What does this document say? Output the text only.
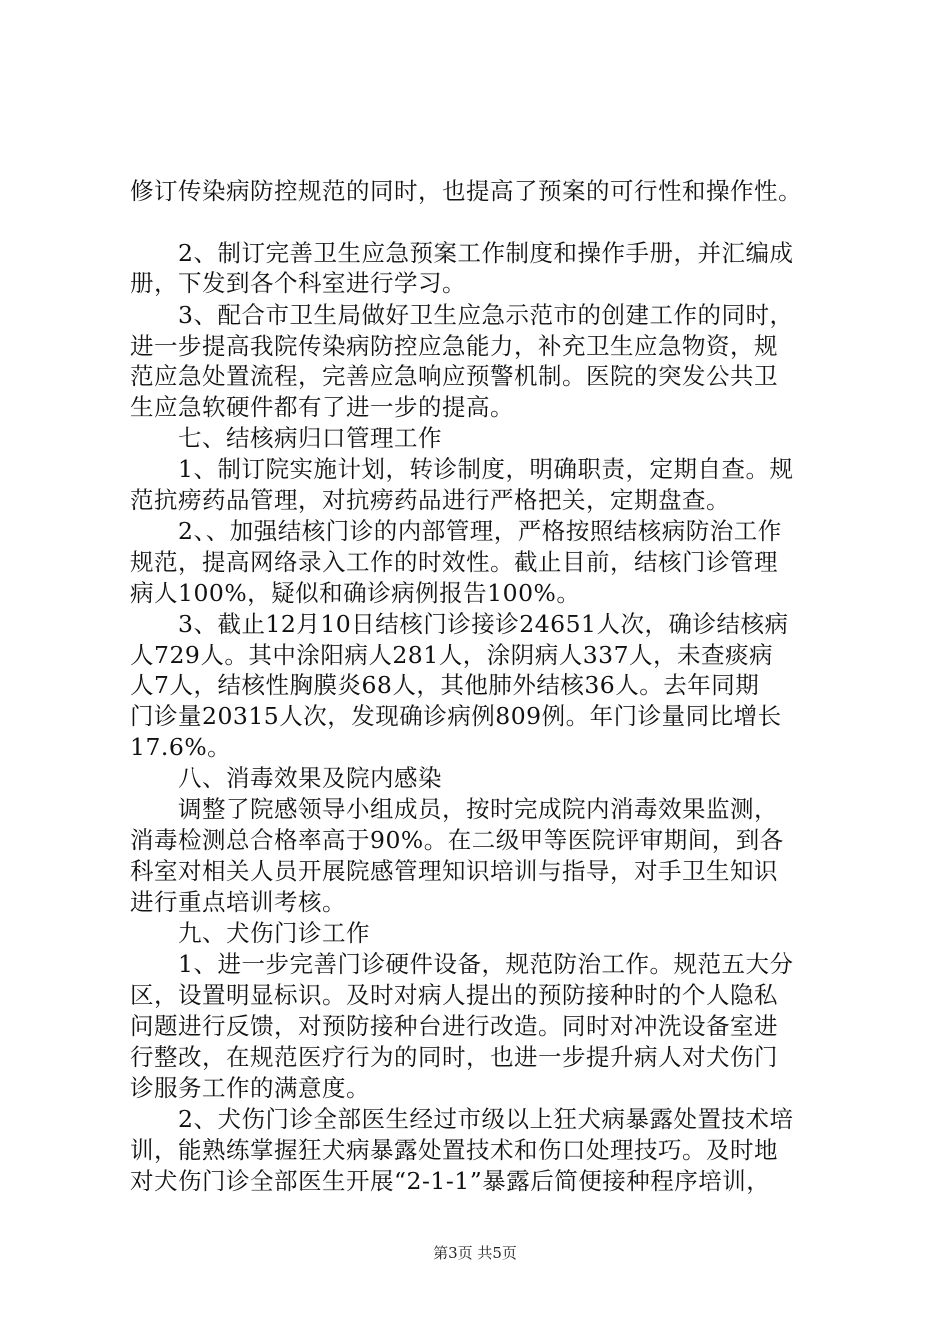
修订传染病防控规范的同时，也提高了预案的可行性和操作性。
2、制订完善卫生应急预案工作制度和操作手册，并汇编成
册，下发到各个科室进行学习。
3、配合市卫生局做好卫生应急示范市的创建工作的同时，
进一步提高我院传染病防控应急能力，补充卫生应急物资，规
范应急处置流程，完善应急响应预警机制。医院的突发公共卫
生应急软硬件都有了进一步的提高。
七、结核病归口管理工作
1、制订院实施计划，转诊制度，明确职责，定期自查。规
范抗痨药品管理，对抗痨药品进行严格把关，定期盘查。
2、、加强结核门诊的内部管理，严格按照结核病防治工作
规范，提高网络录入工作的时效性。截止目前，结核门诊管理
病人100%，疑似和确诊病例报告100%。
3、截止12月10日结核门诊接诊24651人次，确诊结核病
人729人。其中涂阳病人281人，涂阴病人337人，未查痰病
人7人，结核性胸膜炎68人，其他肺外结核36人。去年同期
门诊量20315人次，发现确诊病例809例。年门诊量同比增长
17.6%。
八、消毒效果及院内感染
调整了院感领导小组成员，按时完成院内消毒效果监测，
消毒检测总合格率高于90%。在二级甲等医院评审期间，到各
科室对相关人员开展院感管理知识培训与指导，对手卫生知识
进行重点培训考核。
九、犬伤门诊工作
1、进一步完善门诊硬件设备，规范防治工作。规范五大分
区，设置明显标识。及时对病人提出的预防接种时的个人隐私
问题进行反馈，对预防接种台进行改造。同时对冲洗设备室进
行整改，在规范医疗行为的同时，也进一步提升病人对犬伤门
诊服务工作的满意度。
2、犬伤门诊全部医生经过市级以上狂犬病暴露处置技术培
训，能熟练掌握狂犬病暴露处置技术和伤口处理技巧。及时地
对犬伤门诊全部医生开展“2-1-1”暴露后简便接种程序培训，
第3页 共5页
